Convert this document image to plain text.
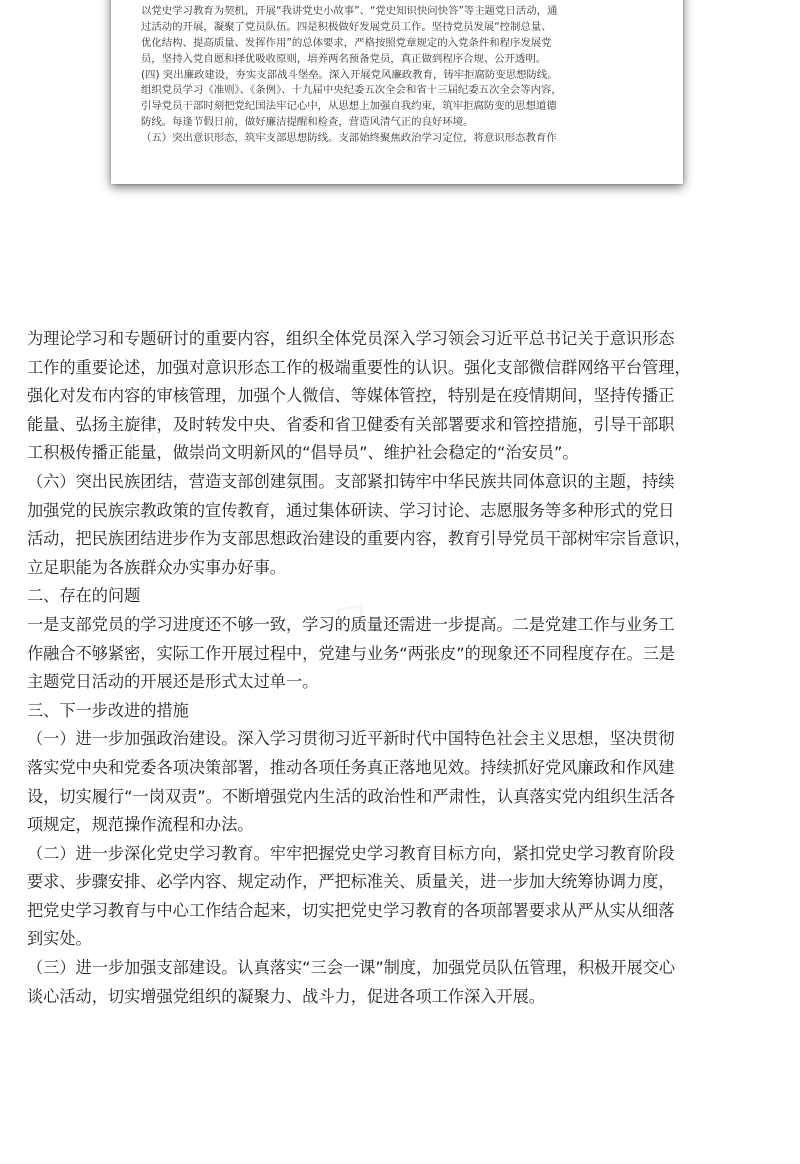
以党史学习教育为契机，开展“我讲党史小故事”、“党史知识快问快答”等主题党日活动，通

过活动的开展，凝聚了党员队伍。四是积极做好发展党员工作。坚持党员发展“控制总量、

优化结构、提高质量、发挥作用”的总体要求，严格按照党章规定的入党条件和程序发展党

员，坚持入党自愿和择优吸收原则，培养两名预备党员，真正做到程序合规、公开透明。

(四) 突出廉政建设，夯实支部战斗堡垒。深入开展党风廉政教育，铸牢拒腐防变思想防线。

组织党员学习《准则》、《条例》、十九届中央纪委五次全会和省十三届纪委五次全会等内容，

引导党员干部时刻把党纪国法牢记心中，从思想上加强自我约束，筑牢拒腐防变的思想道德

防线。每逢节假日前，做好廉洁提醒和检查，营造风清气正的良好环境。

（五）突出意识形态，筑牢支部思想防线。支部始终聚焦政治学习定位，将意识形态教育作

为理论学习和专题研讨的重要内容，组织全体党员深入学习领会习近平总书记关于意识形态

工作的重要论述，加强对意识形态工作的极端重要性的认识。强化支部微信群网络平台管理，

强化对发布内容的审核管理，加强个人微信、等媒体管控，特别是在疫情期间，坚持传播正

能量、弘扬主旋律，及时转发中央、省委和省卫健委有关部署要求和管控措施，引导干部职

工积极传播正能量，做崇尚文明新风的“倡导员”、维护社会稳定的“治安员”。

（六）突出民族团结，营造支部创建氛围。支部紧扣铸牢中华民族共同体意识的主题，持续

加强党的民族宗教政策的宣传教育，通过集体研读、学习讨论、志愿服务等多种形式的党日

活动，把民族团结进步作为支部思想政治建设的重要内容，教育引导党员干部树牢宗旨意识，

立足职能为各族群众办实事办好事。

二、存在的问题

一是支部党员的学习进度还不够一致，学习的质量还需进一步提高。二是党建工作与业务工

作融合不够紧密，实际工作开展过程中，党建与业务“两张皮”的现象还不同程度存在。三是

主题党日活动的开展还是形式太过单一。

三、下一步改进的措施

（一）进一步加强政治建设。深入学习贯彻习近平新时代中国特色社会主义思想，坚决贯彻

落实党中央和党委各项决策部署，推动各项任务真正落地见效。持续抓好党风廉政和作风建

设，切实履行“一岗双责”。不断增强党内生活的政治性和严肃性，认真落实党内组织生活各

项规定，规范操作流程和办法。

（二）进一步深化党史学习教育。牢牢把握党史学习教育目标方向，紧扣党史学习教育阶段

要求、步骤安排、必学内容、规定动作，严把标准关、质量关，进一步加大统筹协调力度，

把党史学习教育与中心工作结合起来，切实把党史学习教育的各项部署要求从严从实从细落

到实处。

（三）进一步加强支部建设。认真落实“三会一课”制度，加强党员队伍管理，积极开展交心

谈心活动，切实增强党组织的凝聚力、战斗力，促进各项工作深入开展。
